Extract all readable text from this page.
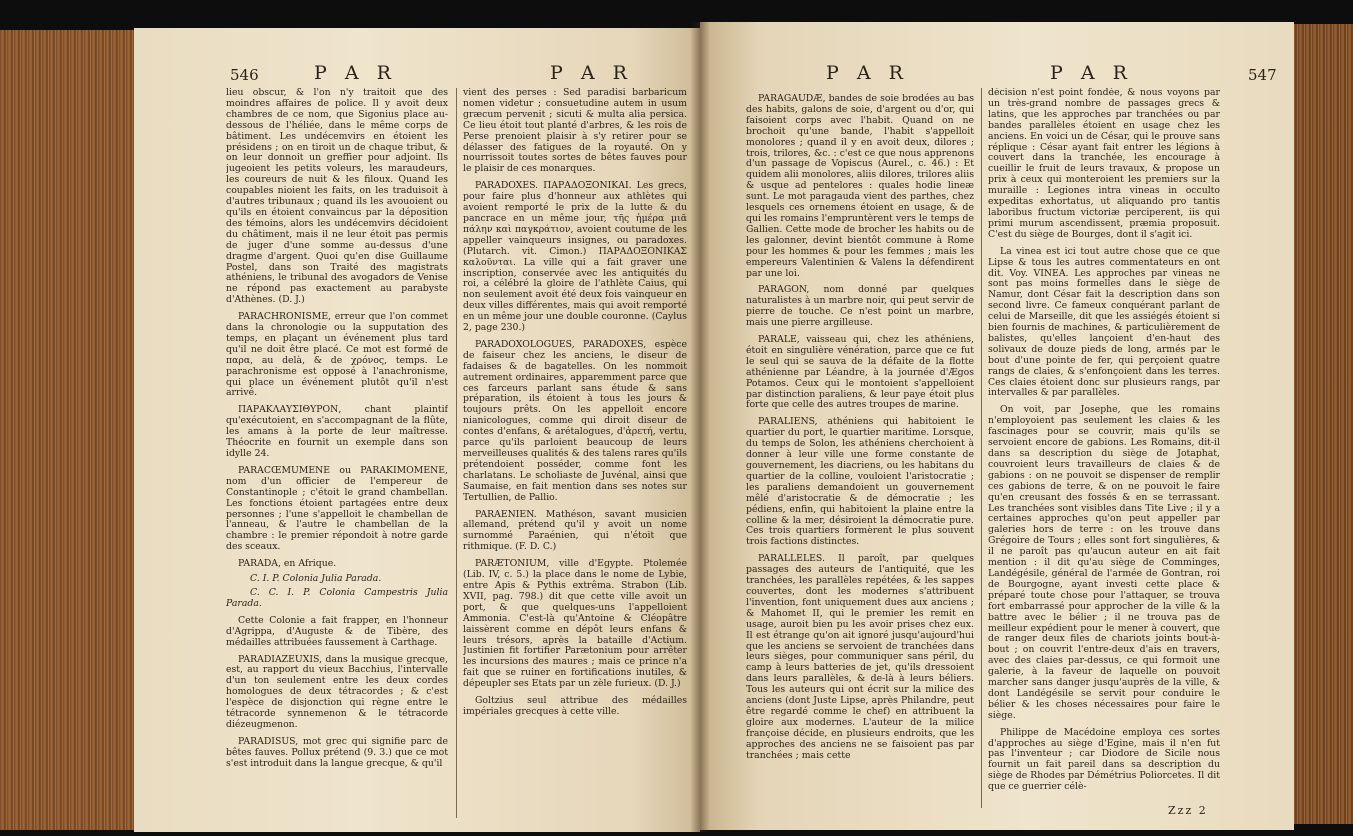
546	P A R	P A R

lieu obscur, & l'on n'y traitoit que des moindres affaires de police. Il y avoit deux chambres de ce nom, que Sigonius place au-dessous de l'héliée, dans le même corps de bâtiment. Les undécemvirs en étoient les présidens ; on en tiroit un de chaque tribut, & on leur donnoit un greffier pour adjoint. Ils jugeoient les petits voleurs, les maraudeurs, les coureurs de nuit & les filoux. Quand les coupables nioient les faits, on les traduisoit à d'autres tribunaux ; quand ils les avouoient ou qu'ils en étoient convaincus par la déposition des témoins, alors les undécemvirs décidoient du châtiment, mais il ne leur étoit pas permis de juger d'une somme au-dessus d'une dragme d'argent. Quoi qu'en dise Guillaume Postel, dans son Traité des magistrats athéniens, le tribunal des avogadors de Venise ne répond pas exactement au parabyste d'Athènes. (D. J.)

PARACHRONISME, erreur que l'on commet dans la chronologie ou la supputation des temps, en plaçant un événement plus tard qu'il ne doit être placé. Ce mot est formé de παρα, au delà, & de χρόνος, temps. Le parachronisme est opposé à l'anachronisme, qui place un événement plutôt qu'il n'est arrivé.

ΠΑΡΑΚΛΑΥΣΙΘΥΡΟΝ, chant plaintif qu'exécutoient, en s'accompagnant de la flûte, les amans à la porte de leur maîtresse. Théocrite en fournit un exemple dans son idylle 24.

PARACŒMUMENE ou PARAKIMOMENE, nom d'un officier de l'empereur de Constantinople ; c'étoit le grand chambellan. Les fonctions étoient partagées entre deux personnes ; l'une s'appelloit le chambellan de l'anneau, & l'autre le chambellan de la chambre : le premier répondoit à notre garde des sceaux.

PARADA, en Afrique.

C. I. P. Colonia Julia Parada.

C. C. I. P. Colonia Campestris Julia Parada.

Cette Colonie a fait frapper, en l'honneur d'Agrippa, d'Auguste & de Tibère, des médailles attribuées faussement à Carthage.

PARADIAZEUXIS, dans la musique grecque, est, au rapport du vieux Bacchius, l'intervalle d'un ton seulement entre les deux cordes homologues de deux tétracordes ; & c'est l'espèce de disjonction qui règne entre le tétracorde synnemenon & le tétracorde diézeugmenon.

PARADISUS, mot grec qui signifie parc de bêtes fauves. Pollux prétend (9. 3.) que ce mot s'est introduit dans la langue grecque, & qu'il

vient des perses : Sed paradisi barbaricum nomen videtur ; consuetudine autem in usum græcum pervenit ; sicuti & multa alia persica. Ce lieu étoit tout planté d'arbres, & les rois de Perse prenoient plaisir à s'y retirer pour se délasser des fatigues de la royauté. On y nourrissoit toutes sortes de bêtes fauves pour le plaisir de ces monarques.

PARADOXES. ΠΑΡΑΔΟΞΟΝΙΚΑΙ. Les grecs, pour faire plus d'honneur aux athlètes qui avoient remporté le prix de la lutte & du pancrace en un même jour, τῆς ἡμέρα μιᾶ πάλην καὶ παγκράτιον, avoient coutume de les appeller vainqueurs insignes, ou paradoxes. (Plutarch. vit. Cimon.) ΠΑΡΑΔΟΞΟΝΙΚΑΣ καλοῦνται. La ville qui a fait graver une inscription, conservée avec les antiquités du roi, a célébré la gloire de l'athlète Caius, qui non seulement avoit été deux fois vainqueur en deux villes différentes, mais qui avoit remporté en un même jour une double couronne. (Caylus 2, page 230.)

PARADOXOLOGUES, PARADOXES, espèce de faiseur chez les anciens, le diseur de fadaises & de bagatelles. On les nommoit autrement ordinaires, apparemment parce que ces farceurs parlant sans étude & sans préparation, ils étoient à tous les jours & toujours prêts. On les appelloit encore nianicologues, comme qui diroit diseur de contes d'enfans, & arétalogues, d'ἀρετή, vertu, parce qu'ils parloient beaucoup de leurs merveilleuses qualités & des talens rares qu'ils prétendoient posséder, comme font les charlatans. Le scholiaste de Juvénal, ainsi que Saumaise, en fait mention dans ses notes sur Tertullien, de Pallio.

PARAENIEN. Mathéson, savant musicien allemand, prétend qu'il y avoit un nome surnommé Paraénien, qui n'étoit que rithmique. (F. D. C.)

PARÆTONIUM, ville d'Egypte. Ptolemée (Lib. IV, c. 5.) la place dans le nome de Lybie, entre Apis & Pythis extrêma. Strabon (Lib. XVII, pag. 798.) dit que cette ville avoit un port, & que quelques-uns l'appelloient Ammonia. C'est-là qu'Antoine & Cléopâtre laissèrent comme en dépôt leurs enfans & leurs trésors, après la bataille d'Actium. Justinien fit fortifier Parætonium pour arrêter les incursions des maures ; mais ce prince n'a fait que se ruiner en fortifications inutiles, & dépeupler ses Etats par un zèle furieux. (D. J.)

Goltzius seul attribue des médailles impériales grecques à cette ville.

P A R	P A R	547

PARAGAUDÆ, bandes de soie brodées au bas des habits, galons de soie, d'argent ou d'or, qui faisoient corps avec l'habit. Quand on ne brochoit qu'une bande, l'habit s'appelloit monolores ; quand il y en avoit deux, dilores ; trois, trilores, &c. : c'est ce que nous apprenons d'un passage de Vopiscus (Aurel., c. 46.) : Et quidem alii monolores, aliis dilores, trilores aliis & usque ad pentelores : quales hodie lineæ sunt. Le mot paragauda vient des parthes, chez lesquels ces ornemens étoient en usage, & de qui les romains l'empruntèrent vers le temps de Gallien. Cette mode de brocher les habits ou de les galonner, devint bientôt commune à Rome pour les hommes & pour les femmes ; mais les empereurs Valentinien & Valens la défendirent par une loi.

PARAGON, nom donné par quelques naturalistes à un marbre noir, qui peut servir de pierre de touche. Ce n'est point un marbre, mais une pierre argilleuse.

PARALE, vaisseau qui, chez les athéniens, étoit en singulière vénération, parce que ce fut le seul qui se sauva de la défaite de la flotte athénienne par Léandre, à la journée d'Ægos Potamos. Ceux qui le montoient s'appelloient par distinction paraliens, & leur paye étoit plus forte que celle des autres troupes de marine.

PARALIENS, athéniens qui habitoient le quartier du port, le quartier maritime. Lorsque, du temps de Solon, les athéniens cherchoient à donner à leur ville une forme constante de gouvernement, les diacriens, ou les habitans du quartier de la colline, vouloient l'aristocratie ; les paraliens demandoient un gouvernement mêlé d'aristocratie & de démocratie ; les pédiens, enfin, qui habitoient la plaine entre la colline & la mer, désiroient la démocratie pure. Ces trois quartiers formèrent le plus souvent trois factions distinctes.

PARALLELES. Il paroît, par quelques passages des auteurs de l'antiquité, que les tranchées, les parallèles repétées, & les sappes couvertes, dont les modernes s'attribuent l'invention, font uniquement dues aux anciens ; & Mahomet II, qui le premier les remit en usage, auroit bien pu les avoir prises chez eux. Il est étrange qu'on ait ignoré jusqu'aujourd'hui que les anciens se servoient de tranchées dans leurs sièges, pour communiquer sans péril, du camp à leurs batteries de jet, qu'ils dressoient dans leurs parallèles, & de-là à leurs béliers. Tous les auteurs qui ont écrit sur la milice des anciens (dont Juste Lipse, après Philandre, peut être regardé comme le chef) en attribuent la gloire aux modernes. L'auteur de la milice françoise décide, en plusieurs endroits, que les approches des anciens ne se faisoient pas par tranchées ; mais cette

décision n'est point fondée, & nous voyons par un très-grand nombre de passages grecs & latins, que les approches par tranchées ou par bandes parallèles étoient en usage chez les anciens. En voici un de César, qui le prouve sans réplique : César ayant fait entrer les légions à couvert dans la tranchée, les encourage à cueillir le fruit de leurs travaux, & propose un prix à ceux qui monteroient les premiers sur la muraille : Legiones intra vineas in occulto expeditas exhortatus, ut aliquando pro tantis laboribus fructum victoriæ perciperent, iis qui primi murum ascendissent, præmia proposuit. C'est du siège de Bourges, dont il s'agit ici.

La vinea est ici tout autre chose que ce que Lipse & tous les autres commentateurs en ont dit. Voy. VINEA. Les approches par vineas ne sont pas moins formelles dans le siège de Namur, dont César fait la description dans son second livre. Ce fameux conquérant parlant de celui de Marseille, dit que les assiégés étoient si bien fournis de machines, & particulièrement de balistes, qu'elles lançoient d'en-haut des solivaux de douze pieds de long, armés par le bout d'une pointe de fer, qui perçoient quatre rangs de claies, & s'enfonçoient dans les terres. Ces claies étoient donc sur plusieurs rangs, par intervalles & par parallèles.

On voit, par Josephe, que les romains n'employoient pas seulement les claies & les fascinages pour se couvrir, mais qu'ils se servoient encore de gabions. Les Romains, dit-il dans sa description du siège de Jotaphat, couvroient leurs travailleurs de claies & de gabions : on ne pouvoit se dispenser de remplir ces gabions de terre, & on ne pouvoit le faire qu'en creusant des fossés & en se terrassant. Les tranchées sont visibles dans Tite Live ; il y a certaines approches qu'on peut appeller par galeries hors de terre : on les trouve dans Grégoire de Tours ; elles sont fort singulières, & il ne paroît pas qu'aucun auteur en ait fait mention : il dit qu'au siège de Comminges, Landégésile, général de l'armée de Gontran, roi de Bourgogne, ayant investi cette place & préparé toute chose pour l'attaquer, se trouva fort embarrassé pour approcher de la ville & la battre avec le bélier ; il ne trouva pas de meilleur expédient pour le mener à couvert, que de ranger deux files de chariots joints bout-à-bout ; on couvrit l'entre-deux d'ais en travers, avec des claies par-dessus, ce qui formoit une galerie, à la faveur de laquelle on pouvoit marcher sans danger jusqu'auprès de la ville, & dont Landégésile se servit pour conduire le bélier & les choses nécessaires pour faire le siège.

Philippe de Macédoine employa ces sortes d'approches au siège d'Egine, mais il n'en fut pas l'inventeur ; car Diodore de Sicile nous fournit un fait pareil dans sa description du siège de Rhodes par Démétrius Poliorcetes. Il dit que ce guerrier célè-

Zzz 2
